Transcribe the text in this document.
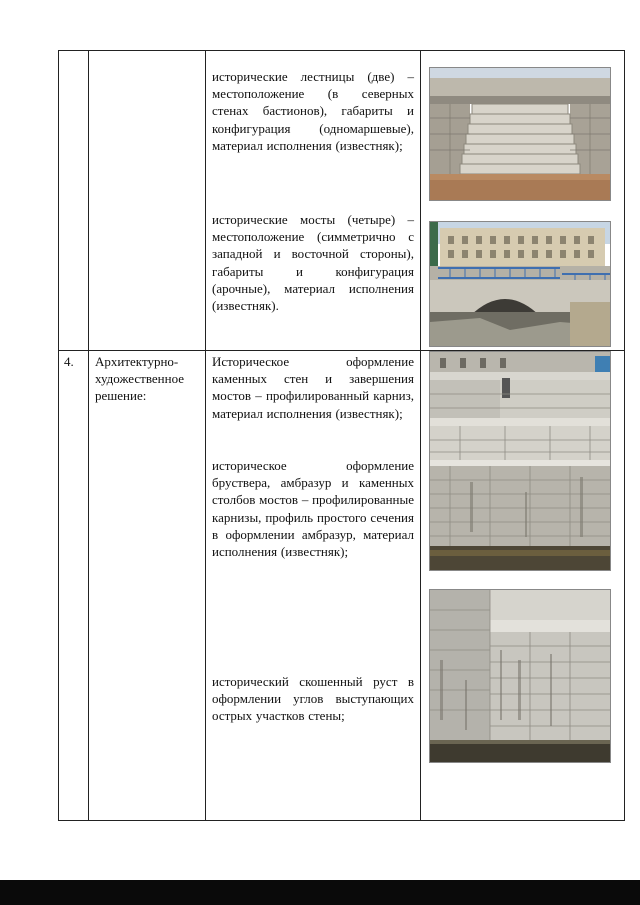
		исторические лестницы (две) – местоположение (в северных стенах бастионов), габариты и конфигурация (одномаршевые), материал исполнения (известняк);
исторические мосты (четыре) – местоположение (симметрично с западной и восточной стороны), габариты и конфигурация (арочные), материал исполнения (известняк).

4.	Архитектурно-художественное решение:	Историческое оформление каменных стен и завершения мостов – профилированный карниз, материал исполнения (известняк);
историческое оформление бруствера, амбразур и каменных столбов мостов – профилированные карнизы, профиль простого сечения в оформлении амбразур, материал исполнения (известняк);
исторический скошенный руст в оформлении углов выступающих острых участков стены;
